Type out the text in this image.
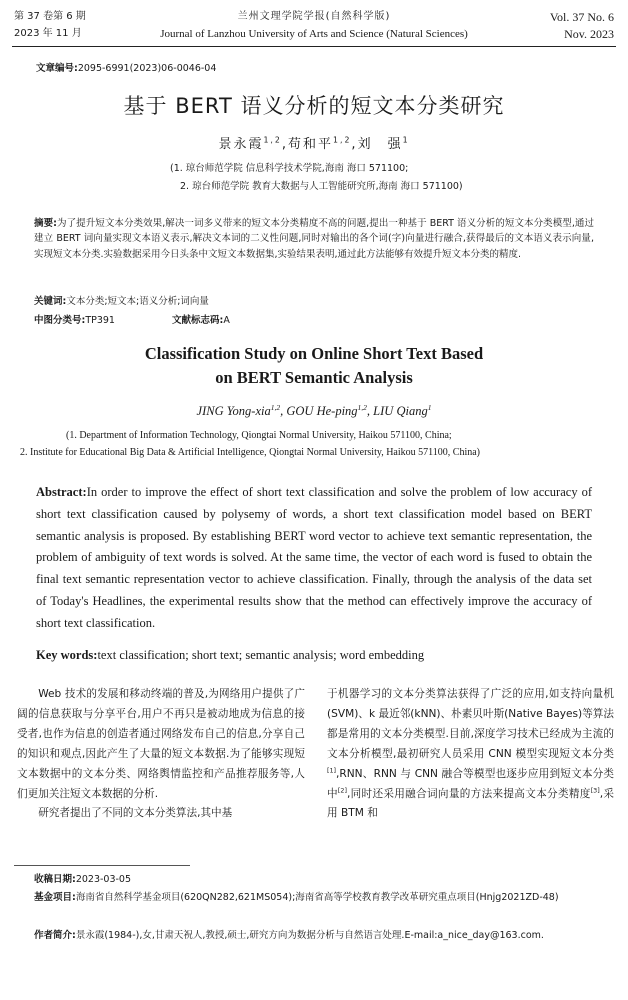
第 37 卷第 6 期
2023 年 11 月
兰州文理学院学报(自然科学版)
Journal of Lanzhou University of Arts and Science (Natural Sciences)
Vol. 37 No. 6
Nov. 2023
文章编号:2095-6991(2023)06-0046-04
基于 BERT 语义分析的短文本分类研究
景永霞$^{1,2}$,苟和平$^{1,2}$,刘　强$^1$
(1. 琼台师范学院 信息科学技术学院,海南 海口 571100;
2. 琼台师范学院 教育大数据与人工智能研究所,海南 海口 571100)
摘要:为了提升短文本分类效果,解决一词多义带来的短文本分类精度不高的问题,提出一种基于 BERT 语义分析的短文本分类模型,通过建立 BERT 词向量实现文本语义表示,解决文本词的二义性问题,同时对输出的各个词(字)向量进行融合,获得最后的文本语义表示向量,实现短文本分类.实验数据采用今日头条中文短文本数据集,实验结果表明,通过此方法能够有效提升短文本分类的精度.
关键词:文本分类;短文本;语义分析;词向量
中图分类号:TP391	文献标志码:A
Classification Study on Online Short Text Based
on BERT Semantic Analysis
JING Yong-xia$^{1,2}$, GOU He-ping$^{1,2}$, LIU Qiang$^1$
(1. Department of Information Technology, Qiongtai Normal University, Haikou 571100, China;
2. Institute for Educational Big Data & Artificial Intelligence, Qiongtai Normal University, Haikou 571100, China)
Abstract:In order to improve the effect of short text classification and solve the problem of low accuracy of short text classification caused by polysemy of words, a short text classification model based on BERT semantic analysis is proposed. By establishing BERT word vector to achieve text semantic representation, the problem of ambiguity of text words is solved. At the same time, the vector of each word is fused to obtain the final text semantic representation vector to achieve classification. Finally, through the analysis of the data set of Today's Headlines, the experimental results show that the method can effectively improve the accuracy of short text classification.
Key words:text classification; short text; semantic analysis; word embedding

Web 技术的发展和移动终端的普及,为网络用户提供了广阔的信息获取与分享平台,用户不再只是被动地成为信息的接受者,也作为信息的创造者通过网络发布自己的信息,分享自己的知识和观点,因此产生了大量的短文本数据.为了能够实现短文本数据中的文本分类、网络舆情监控和产品推荐服务等,人们更加关注短文本数据的分析.

研究者提出了不同的文本分类算法,其中基

于机器学习的文本分类算法获得了广泛的应用,如支持向量机(SVM)、k 最近邻(kNN)、朴素贝叶斯(Native Bayes)等算法都是常用的文本分类模型.目前,深度学习技术已经成为主流的文本分析模型,最初研究人员采用 CNN 模型实现短文本分类[1],RNN、RNN 与 CNN 融合等模型也逐步应用到短文本分类中[2],同时还采用融合词向量的方法来提高文本分类精度[3],采用 BTM 和

收稿日期:2023-03-05
基金项目:海南省自然科学基金项目(620QN282,621MS054);海南省高等学校教育教学改革研究重点项目(Hnjg2021ZD-48)
作者简介:景永霞(1984-),女,甘肃天祝人,教授,硕士,研究方向为数据分析与自然语言处理.E-mail:a_nice_day@163.com.
